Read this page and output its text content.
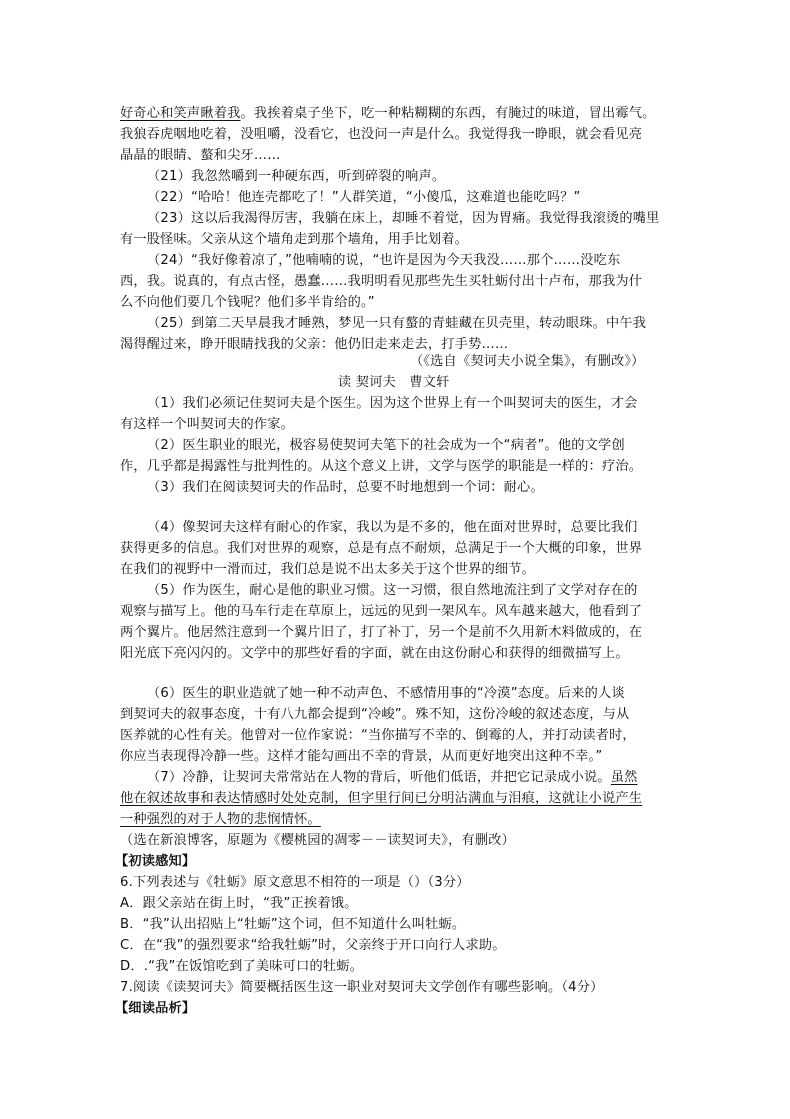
好奇心和笑声瞅着我。我挨着桌子坐下，吃一种粘糊糊的东西，有腌过的味道，冒出霉气。
我狼吞虎咽地吃着，没咀嚼，没看它，也没问一声是什么。我觉得我一睁眼，就会看见亮
晶晶的眼睛、螯和尖牙……
（21）我忽然嚼到一种硬东西，听到碎裂的响声。
（22）“哈哈！他连壳都吃了！”人群笑道，“小傻瓜，这难道也能吃吗？”
（23）这以后我渴得厉害，我躺在床上，却睡不着觉，因为胃痛。我觉得我滚烫的嘴里
有一股怪味。父亲从这个墙角走到那个墙角，用手比划着。
（24）“我好像着凉了，”他喃喃的说，“也许是因为今天我没……那个……没吃东
西，我。说真的，有点古怪，愚蠢……我明明看见那些先生买牡蛎付出十卢布，那我为什
么不向他们要几个钱呢？他们多半肯给的。”
（25）到第二天早晨我才睡熟，梦见一只有螯的青蛙藏在贝壳里，转动眼珠。中午我
渴得醒过来，睁开眼睛找我的父亲：他仍旧走来走去，打手势……
（《选自《契诃夫小说全集》，有删改》）
读 契诃夫　曹文轩
（1）我们必须记住契诃夫是个医生。因为这个世界上有一个叫契诃夫的医生，才会
有这样一个叫契诃夫的作家。
（2）医生职业的眼光，极容易使契诃夫笔下的社会成为一个“病者”。他的文学创
作，几乎都是揭露性与批判性的。从这个意义上讲，文学与医学的职能是一样的：疗治。
（3）我们在阅读契诃夫的作品时，总要不时地想到一个词：耐心。
（4）像契诃夫这样有耐心的作家，我以为是不多的，他在面对世界时，总要比我们
获得更多的信息。我们对世界的观察，总是有点不耐烦，总满足于一个大概的印象，世界
在我们的视野中一滑而过，我们总是说不出太多关于这个世界的细节。
（5）作为医生，耐心是他的职业习惯。这一习惯，很自然地流注到了文学对存在的
观察与描写上。他的马车行走在草原上，远远的见到一架风车。风车越来越大，他看到了
两个翼片。他居然注意到一个翼片旧了，打了补丁，另一个是前不久用新木料做成的，在
阳光底下亮闪闪的。文学中的那些好看的字面，就在由这份耐心和获得的细微描写上。
（6）医生的职业造就了她一种不动声色、不感情用事的“冷漠”态度。后来的人谈
到契诃夫的叙事态度，十有八九都会提到“冷峻”。殊不知，这份冷峻的叙述态度，与从
医养就的心性有关。他曾对一位作家说：“当你描写不幸的、倒霉的人，并打动读者时，
你应当表现得冷静一些。这样才能勾画出不幸的背景，从而更好地突出这种不幸。”
（7）冷静，让契诃夫常常站在人物的背后，听他们低语，并把它记录成小说。虽然
他在叙述故事和表达情感时处处克制，但字里行间已分明沾满血与泪痕，这就让小说产生
一种强烈的对于人物的悲悯情怀。
（选在新浪博客，原题为《樱桃园的凋零－－读契诃夫》，有删改）
【初读感知】
6.下列表述与《牡蛎》原文意思不相符的一项是（）（3分）
A．跟父亲站在街上时，“我”正挨着饿。
B．“我”认出招贴上“牡蛎”这个词，但不知道什么叫牡蛎。
C．在“我”的强烈要求“给我牡蛎”时，父亲终于开口向行人求助。
D．.“我”在饭馆吃到了美味可口的牡蛎。
7.阅读《读契诃夫》简要概括医生这一职业对契诃夫文学创作有哪些影响。（4分）
【细读品析】
